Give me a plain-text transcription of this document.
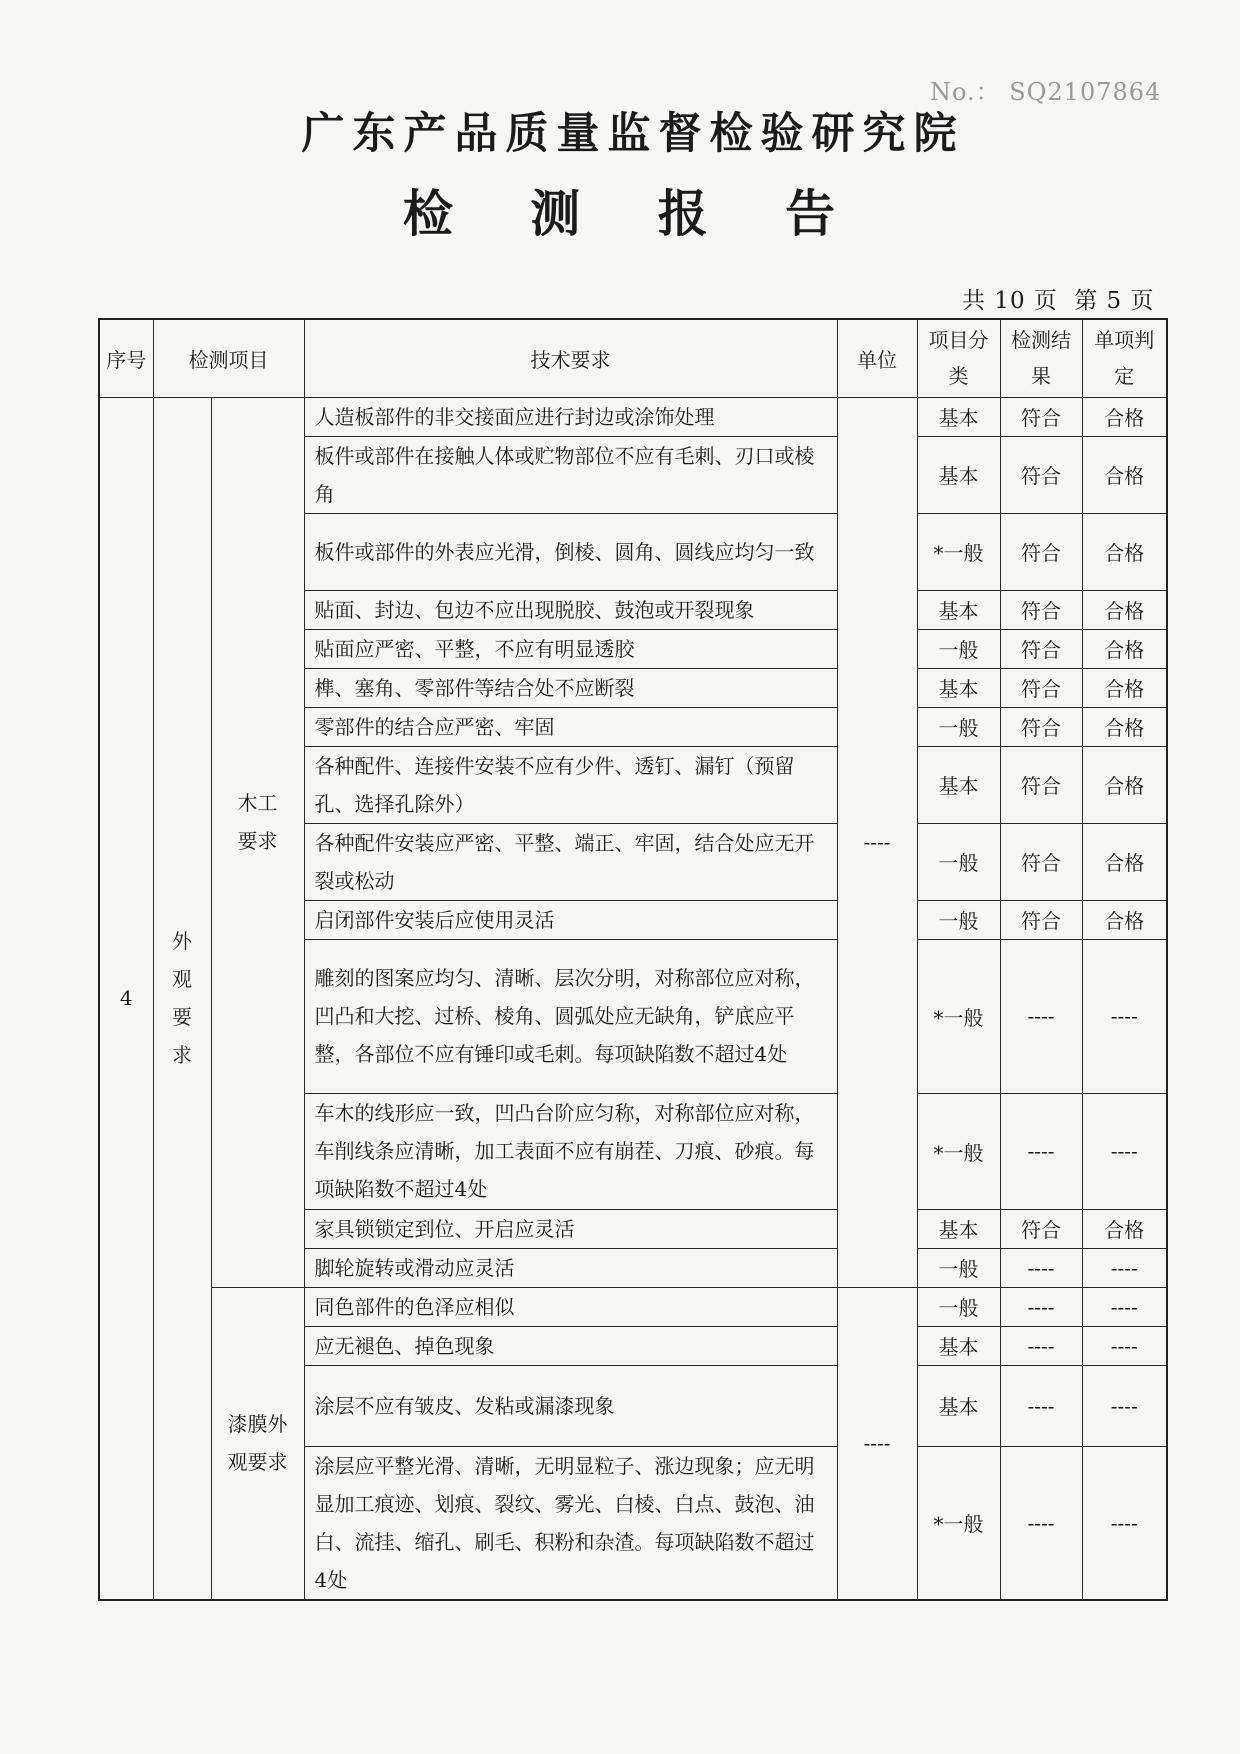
No.： SQ2107864
广东产品质量监督检验研究院
检 测 报 告
共 10 页 第 5 页
序号	检测项目		技术要求	单位	项目分类	检测结果	单项判定
4	外观要求	木工要求	人造板部件的非交接面应进行封边或涂饰处理	----	基本	符合	合格
			板件或部件在接触人体或贮物部位不应有毛刺、刃口或棱角		基本	符合	合格
			板件或部件的外表应光滑，倒棱、圆角、圆线应均匀一致		*一般	符合	合格
			贴面、封边、包边不应出现脱胶、鼓泡或开裂现象		基本	符合	合格
			贴面应严密、平整，不应有明显透胶		一般	符合	合格
			榫、塞角、零部件等结合处不应断裂		基本	符合	合格
			零部件的结合应严密、牢固		一般	符合	合格
			各种配件、连接件安装不应有少件、透钉、漏钉（预留孔、选择孔除外）		基本	符合	合格
			各种配件安装应严密、平整、端正、牢固，结合处应无开裂或松动		一般	符合	合格
			启闭部件安装后应使用灵活		一般	符合	合格
			雕刻的图案应均匀、清晰、层次分明，对称部位应对称，凹凸和大挖、过桥、棱角、圆弧处应无缺角，铲底应平整，各部位不应有锤印或毛刺。每项缺陷数不超过4处		*一般	----	----
			车木的线形应一致，凹凸台阶应匀称，对称部位应对称，车削线条应清晰，加工表面不应有崩茬、刀痕、砂痕。每项缺陷数不超过4处		*一般	----	----
			家具锁锁定到位、开启应灵活		基本	符合	合格
			脚轮旋转或滑动应灵活		一般	----	----

		漆膜外观要求	同色部件的色泽应相似	----	一般	----	----
			应无褪色、掉色现象		基本	----	----
			涂层不应有皱皮、发粘或漏漆现象		基本	----	----
			涂层应平整光滑、清晰，无明显粒子、涨边现象；应无明显加工痕迹、划痕、裂纹、雾光、白棱、白点、鼓泡、油白、流挂、缩孔、刷毛、积粉和杂渣。每项缺陷数不超过4处		*一般	----	----
